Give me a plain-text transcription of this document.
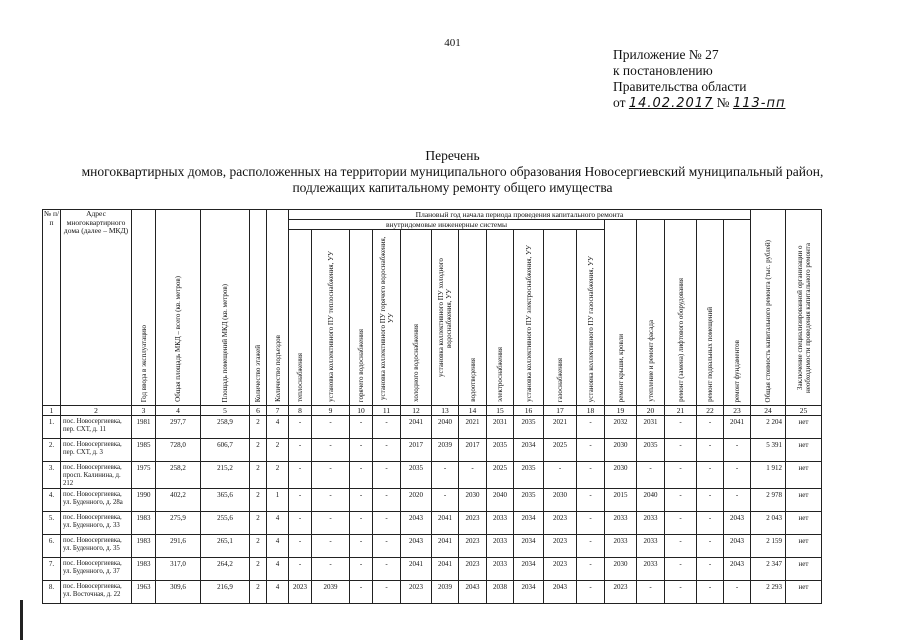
401
Приложение № 27
к постановлению
Правительства области
от 14.02.2017 № 113-пп
Перечень
многоквартирных домов, расположенных на территории муниципального образования Новосергиевский муниципальный район,
подлежащих капитальному ремонту общего имущества
№ п/п	Адрес многоквартирного дома (далее – МКД)	Год ввода в эксплуатацию	Общая площадь МКД – всего (кв. метров)	Площадь помещений МКД (кв. метров)	Количество этажей	Количество подъездов	Плановый год начала периода проведения капитального ремонта																Общая стоимость капитального ремонта (тыс. рублей)	Заключение специализированной организации о необходимости проведения капитального ремонта

							внутридомовые инженерные системы											ремонт крыши, кровли	утепление и ремонт фасада	ремонт (замена) лифтового оборудования	ремонт подвальных помещений	ремонт фундаментов		

							теплоснабжения	установка коллективного ПУ теплоснабжения, УУ	горячего водоснабжения	установка коллективного ПУ горячего водоснабжения, УУ	холодного водоснабжения	установка коллективного ПУ холодного водоснабжения, УУ	водоотведения	электроснабжения	установка коллективного ПУ электроснабжения, УУ	газоснабжения	установка коллективного ПУ газоснабжения, УУ							

1	2	3	4	5	6	7	8	9	10	11	12	13	14	15	16	17	18	19	20	21	22	23	24	25
1.	пос. Новосергиевка, пер. СХТ, д. 11	1981	297,7	258,9	2	4	-	-	-	-	2041	2040	2021	2031	2035	2021	-	2032	2031	-	-	2041	2 204	нет
2.	пос. Новосергиевка, пер. СХТ, д. 3	1985	728,0	606,7	2	2	-	-	-	-	2017	2039	2017	2035	2034	2025	-	2030	2035	-	-	-	5 391	нет
3.	пос. Новосергиевка, просп. Калинина, д. 212	1975	258,2	215,2	2	2	-	-	-	-	2035	-	-	2025	2035	-	-	2030	-	-	-	-	1 912	нет
4.	пос. Новосергиевка, ул. Буденного, д. 28а	1990	402,2	365,6	2	1	-	-	-	-	2020	-	2030	2040	2035	2030	-	2015	2040	-	-	-	2 978	нет
5.	пос. Новосергиевка, ул. Буденного, д. 33	1983	275,9	255,6	2	4	-	-	-	-	2043	2041	2023	2033	2034	2023	-	2033	2033	-	-	2043	2 043	нет
6.	пос. Новосергиевка, ул. Буденного, д. 35	1983	291,6	265,1	2	4	-	-	-	-	2043	2041	2023	2033	2034	2023	-	2033	2033	-	-	2043	2 159	нет
7.	пос. Новосергиевка, ул. Буденного, д. 37	1983	317,0	264,2	2	4	-	-	-	-	2041	2041	2023	2033	2034	2023	-	2030	2033	-	-	2043	2 347	нет
8.	пос. Новосергиевка, ул. Восточная, д. 22	1963	309,6	216,9	2	4	2023	2039	-	-	2023	2039	2043	2038	2034	2043	-	2023	-	-	-	-	2 293	нет
